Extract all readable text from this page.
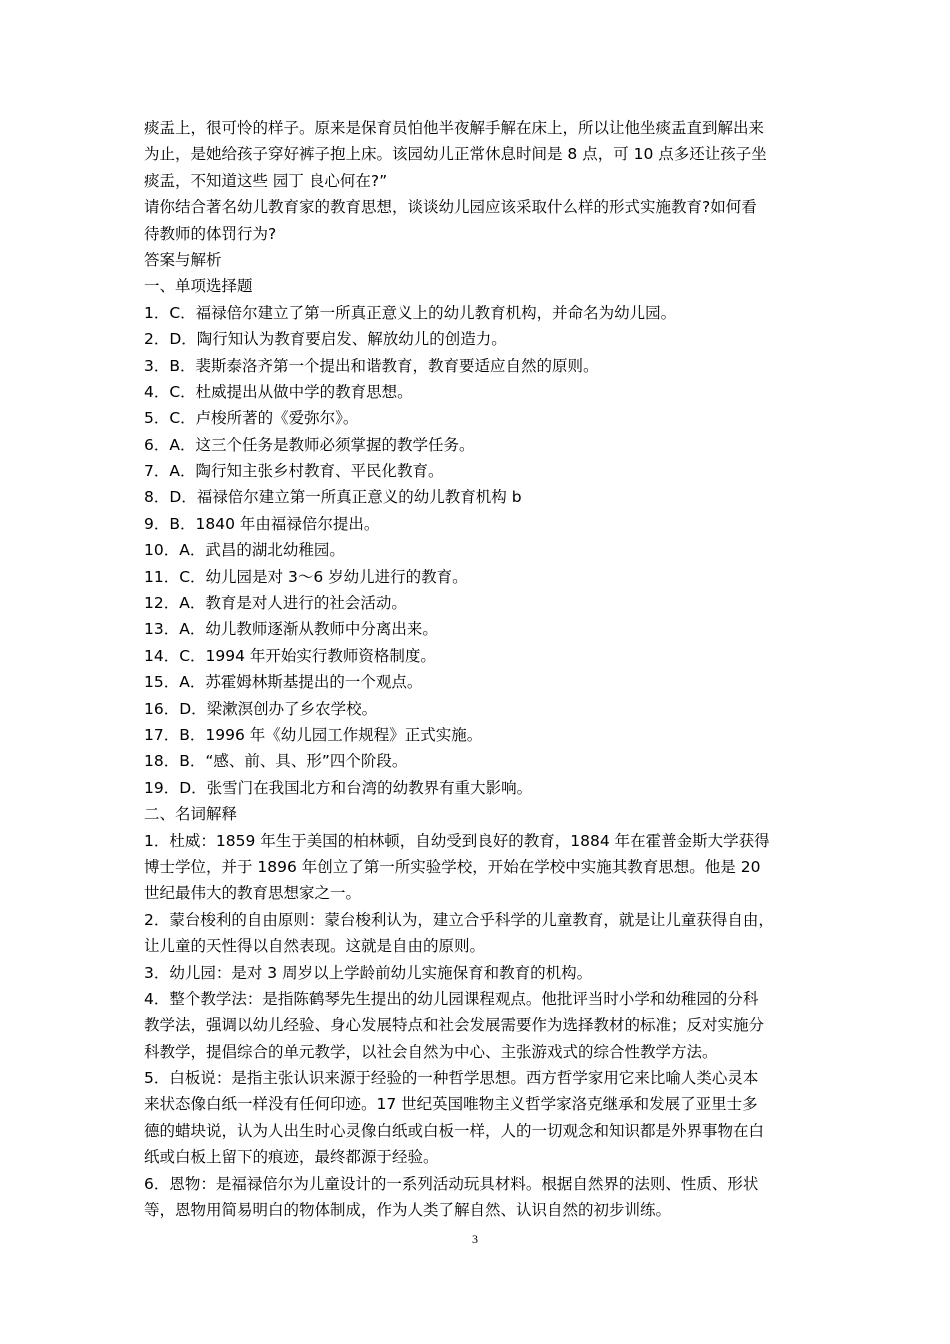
痰盂上，很可怜的样子。原来是保育员怕他半夜解手解在床上，所以让他坐痰盂直到解出来
为止，是她给孩子穿好裤子抱上床。该园幼儿正常休息时间是 8 点，可 10 点多还让孩子坐
痰盂，不知道这些 园丁 良心何在?”
请你结合著名幼儿教育家的教育思想，谈谈幼儿园应该采取什么样的形式实施教育?如何看
待教师的体罚行为?
答案与解析
一、单项选择题
1．C．福禄倍尔建立了第一所真正意义上的幼儿教育机构，并命名为幼儿园。
2．D．陶行知认为教育要启发、解放幼儿的创造力。
3．B．裴斯泰洛齐第一个提出和谐教育，教育要适应自然的原则。
4．C．杜威提出从做中学的教育思想。
5．C．卢梭所著的《爱弥尔》。
6．A．这三个任务是教师必须掌握的教学任务。
7．A．陶行知主张乡村教育、平民化教育。
8．D．福禄倍尔建立第一所真正意义的幼儿教育机构 b
9．B．1840 年由福禄倍尔提出。
10．A．武昌的湖北幼稚园。
11．C．幼儿园是对 3～6 岁幼儿进行的教育。
12．A．教育是对人进行的社会活动。
13．A．幼儿教师逐渐从教师中分离出来。
14．C．1994 年开始实行教师资格制度。
15．A．苏霍姆林斯基提出的一个观点。
16．D．梁漱溟创办了乡农学校。
17．B．1996 年《幼儿园工作规程》正式实施。
18．B．“感、前、具、形”四个阶段。
19．D．张雪门在我国北方和台湾的幼教界有重大影响。
二、名词解释
1．杜威：1859 年生于美国的柏林顿，自幼受到良好的教育，1884 年在霍普金斯大学获得
博士学位，并于 1896 年创立了第一所实验学校，开始在学校中实施其教育思想。他是 20
世纪最伟大的教育思想家之一。
2．蒙台梭利的自由原则：蒙台梭利认为，建立合乎科学的儿童教育，就是让儿童获得自由，
让儿童的天性得以自然表现。这就是自由的原则。
3．幼儿园：是对 3 周岁以上学龄前幼儿实施保育和教育的机构。
4．整个教学法：是指陈鹤琴先生提出的幼儿园课程观点。他批评当时小学和幼稚园的分科
教学法，强调以幼儿经验、身心发展特点和社会发展需要作为选择教材的标准；反对实施分
科教学，提倡综合的单元教学，以社会自然为中心、主张游戏式的综合性教学方法。
5．白板说：是指主张认识来源于经验的一种哲学思想。西方哲学家用它来比喻人类心灵本
来状态像白纸一样没有任何印迹。17 世纪英国唯物主义哲学家洛克继承和发展了亚里士多
德的蜡块说，认为人出生时心灵像白纸或白板一样，人的一切观念和知识都是外界事物在白
纸或白板上留下的痕迹，最终都源于经验。
6．恩物：是福禄倍尔为儿童设计的一系列活动玩具材料。根据自然界的法则、性质、形状
等，恩物用简易明白的物体制成，作为人类了解自然、认识自然的初步训练。
3
